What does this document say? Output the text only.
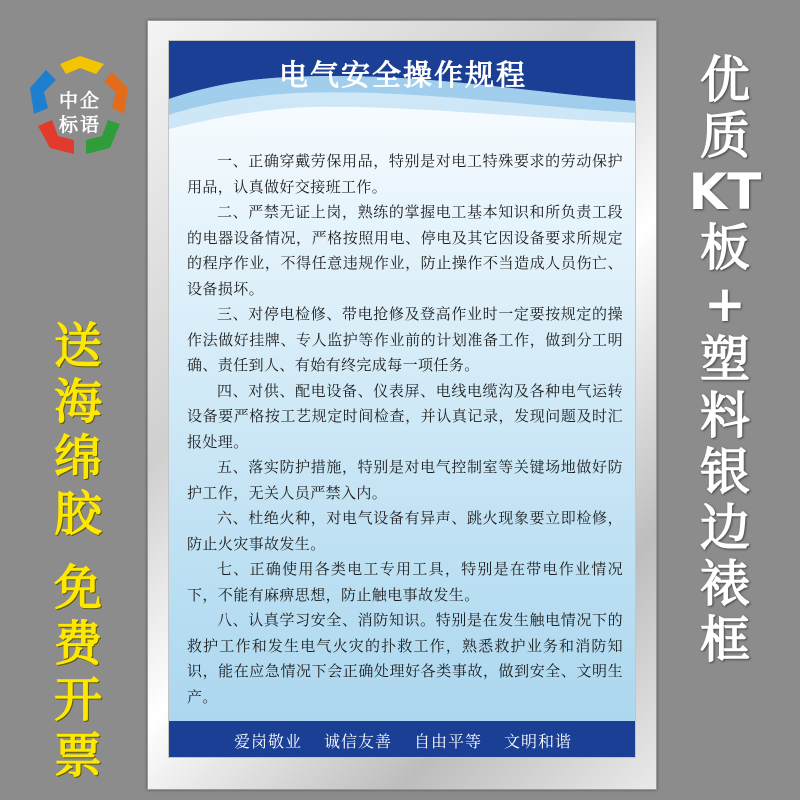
中企
标语
送
海
绵
胶
免
费
开
票
优
质
KT
板
+
塑
料
银
边
裱
框
电气安全操作规程

一、正确穿戴劳保用品，特别是对电工特殊要求的劳动保护用品，认真做好交接班工作。

二、严禁无证上岗，熟练的掌握电工基本知识和所负责工段的电器设备情况，严格按照用电、停电及其它因设备要求所规定的程序作业，不得任意违规作业，防止操作不当造成人员伤亡、设备损坏。

三、对停电检修、带电抢修及登高作业时一定要按规定的操作法做好挂牌、专人监护等作业前的计划准备工作，做到分工明确、责任到人、有始有终完成每一项任务。

四、对供、配电设备、仪表屏、电线电缆沟及各种电气运转设备要严格按工艺规定时间检查，并认真记录，发现问题及时汇报处理。

五、落实防护措施，特别是对电气控制室等关键场地做好防护工作，无关人员严禁入内。

六、杜绝火种，对电气设备有异声、跳火现象要立即检修，防止火灾事故发生。

七、正确使用各类电工专用工具，特别是在带电作业情况下，不能有麻痹思想，防止触电事故发生。

八、认真学习安全、消防知识。特别是在发生触电情况下的救护工作和发生电气火灾的扑救工作，熟悉救护业务和消防知识，能在应急情况下会正确处理好各类事故，做到安全、文明生产。

爱岗敬业 诚信友善 自由平等 文明和谐
